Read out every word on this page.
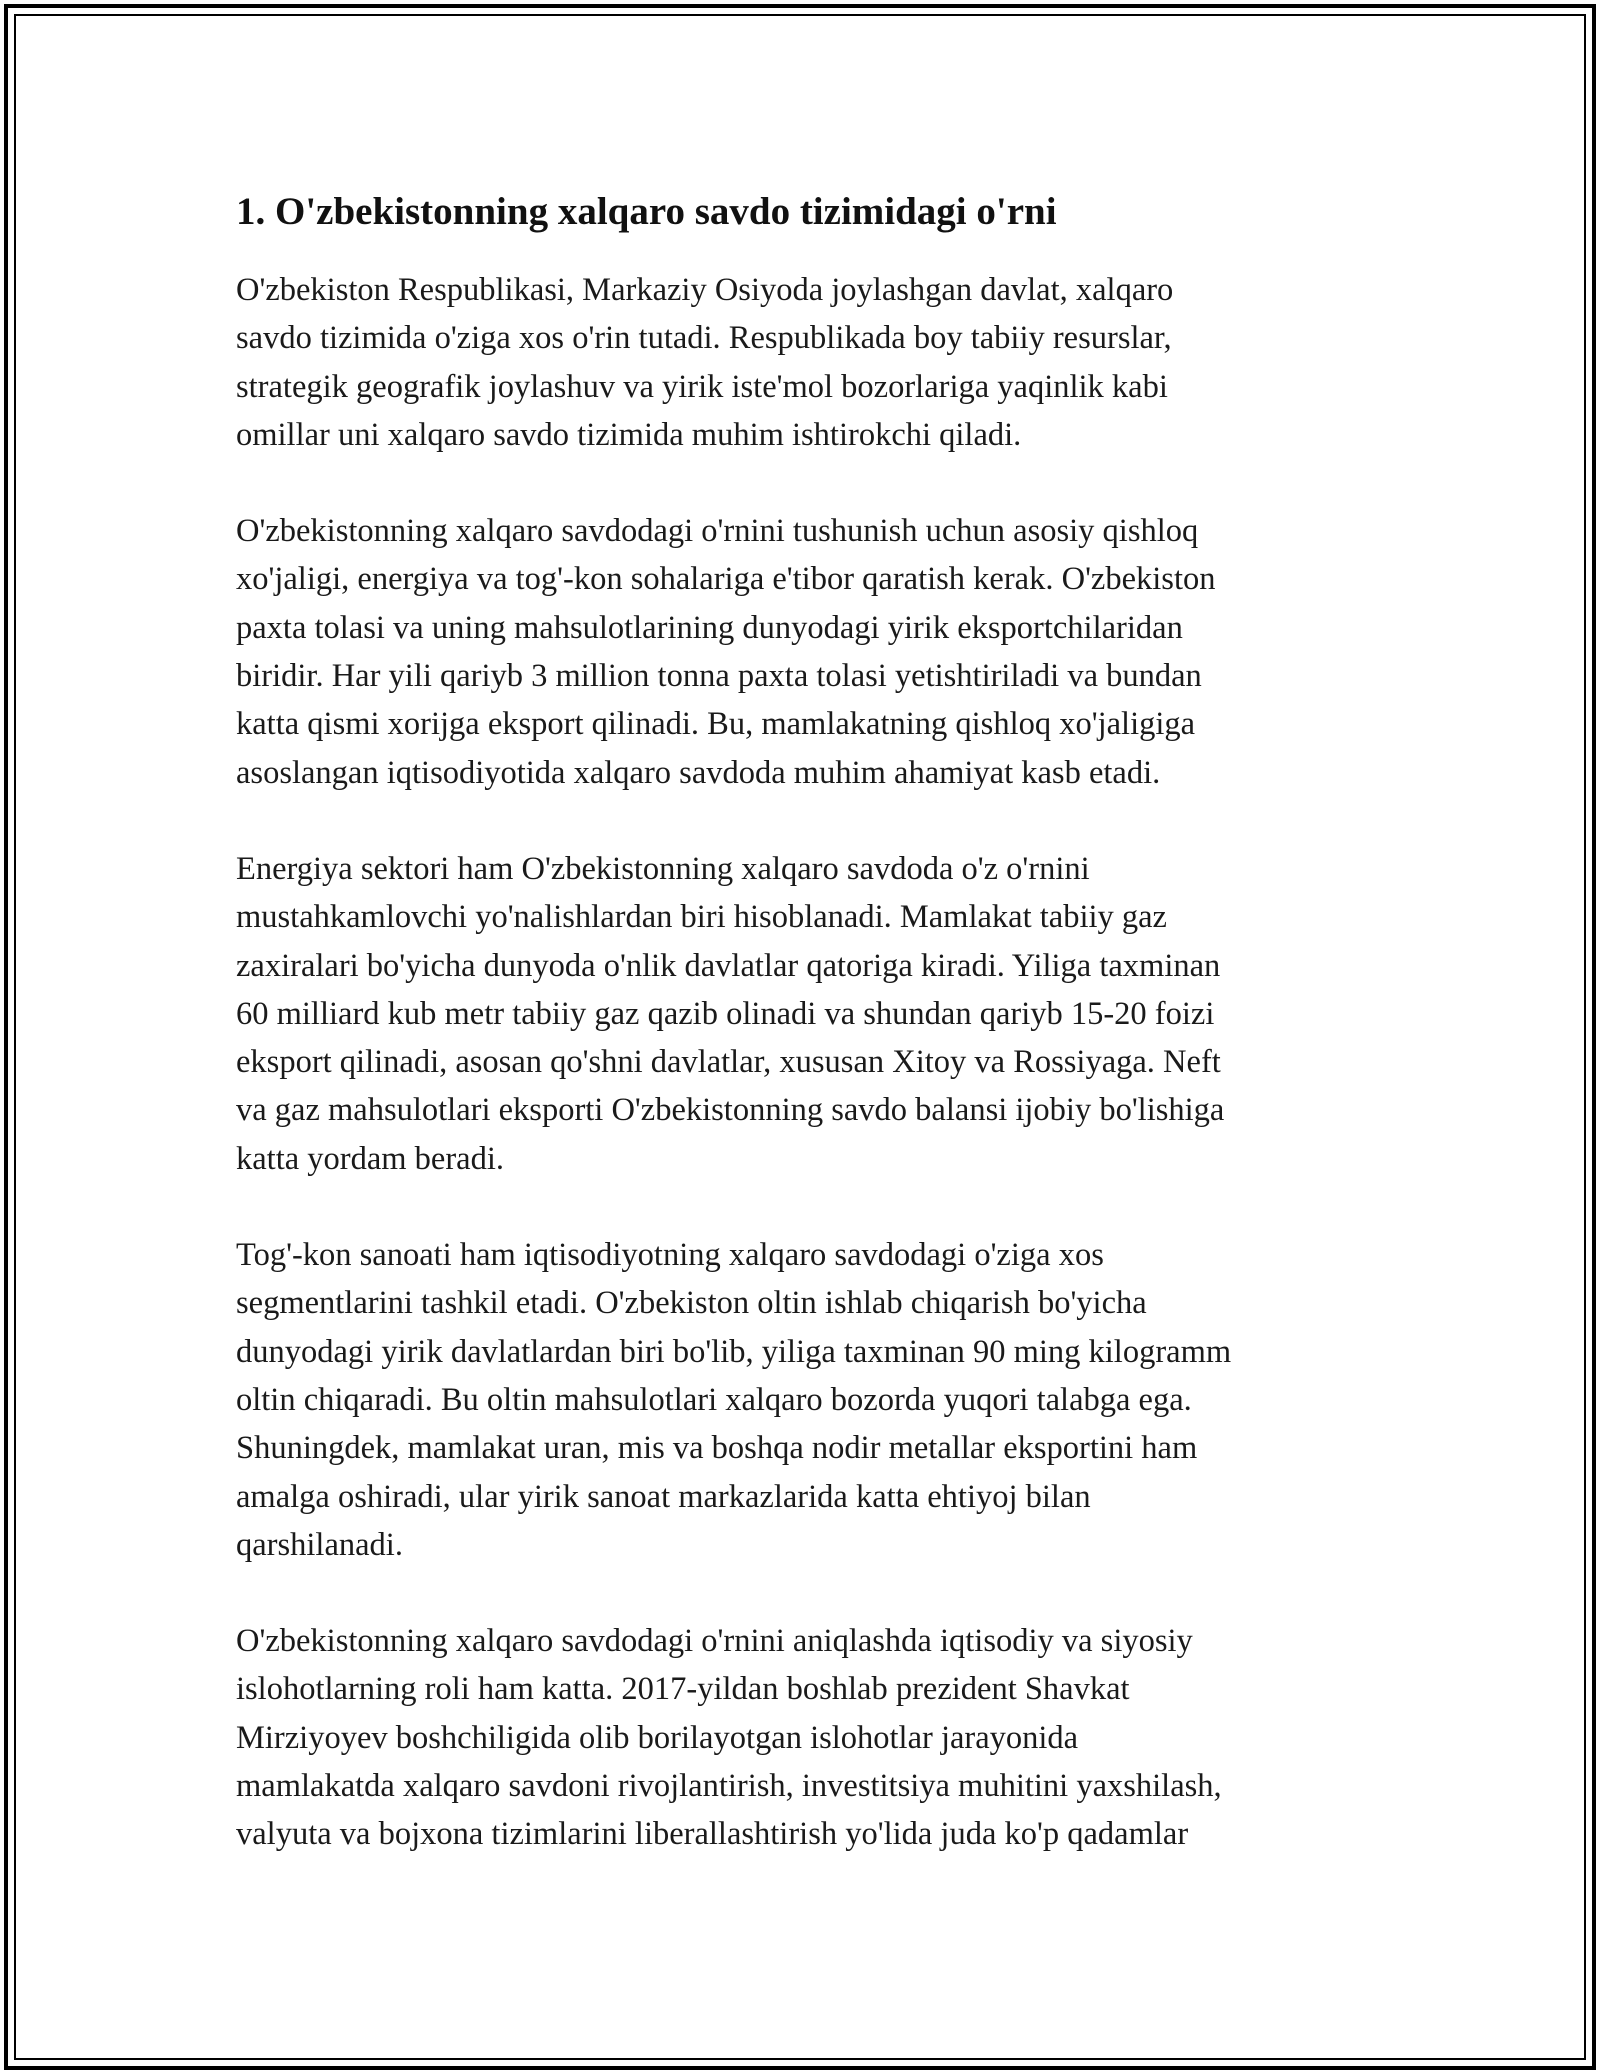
1. O'zbekistonning xalqaro savdo tizimidagi o'rni

O'zbekiston Respublikasi, Markaziy Osiyoda joylashgan davlat, xalqaro
savdo tizimida o'ziga xos o'rin tutadi. Respublikada boy tabiiy resurslar,
strategik geografik joylashuv va yirik iste'mol bozorlariga yaqinlik kabi
omillar uni xalqaro savdo tizimida muhim ishtirokchi qiladi.

O'zbekistonning xalqaro savdodagi o'rnini tushunish uchun asosiy qishloq
xo'jaligi, energiya va tog'-kon sohalariga e'tibor qaratish kerak. O'zbekiston
paxta tolasi va uning mahsulotlarining dunyodagi yirik eksportchilaridan
biridir. Har yili qariyb 3 million tonna paxta tolasi yetishtiriladi va bundan
katta qismi xorijga eksport qilinadi. Bu, mamlakatning qishloq xo'jaligiga
asoslangan iqtisodiyotida xalqaro savdoda muhim ahamiyat kasb etadi.

Energiya sektori ham O'zbekistonning xalqaro savdoda o'z o'rnini
mustahkamlovchi yo'nalishlardan biri hisoblanadi. Mamlakat tabiiy gaz
zaxiralari bo'yicha dunyoda o'nlik davlatlar qatoriga kiradi. Yiliga taxminan
60 milliard kub metr tabiiy gaz qazib olinadi va shundan qariyb 15-20 foizi
eksport qilinadi, asosan qo'shni davlatlar, xususan Xitoy va Rossiyaga. Neft
va gaz mahsulotlari eksporti O'zbekistonning savdo balansi ijobiy bo'lishiga
katta yordam beradi.

Tog'-kon sanoati ham iqtisodiyotning xalqaro savdodagi o'ziga xos
segmentlarini tashkil etadi. O'zbekiston oltin ishlab chiqarish bo'yicha
dunyodagi yirik davlatlardan biri bo'lib, yiliga taxminan 90 ming kilogramm
oltin chiqaradi. Bu oltin mahsulotlari xalqaro bozorda yuqori talabga ega.
Shuningdek, mamlakat uran, mis va boshqa nodir metallar eksportini ham
amalga oshiradi, ular yirik sanoat markazlarida katta ehtiyoj bilan
qarshilanadi.

O'zbekistonning xalqaro savdodagi o'rnini aniqlashda iqtisodiy va siyosiy
islohotlarning roli ham katta. 2017-yildan boshlab prezident Shavkat
Mirziyoyev boshchiligida olib borilayotgan islohotlar jarayonida
mamlakatda xalqaro savdoni rivojlantirish, investitsiya muhitini yaxshilash,
valyuta va bojxona tizimlarini liberallashtirish yo'lida juda ko'p qadamlar
